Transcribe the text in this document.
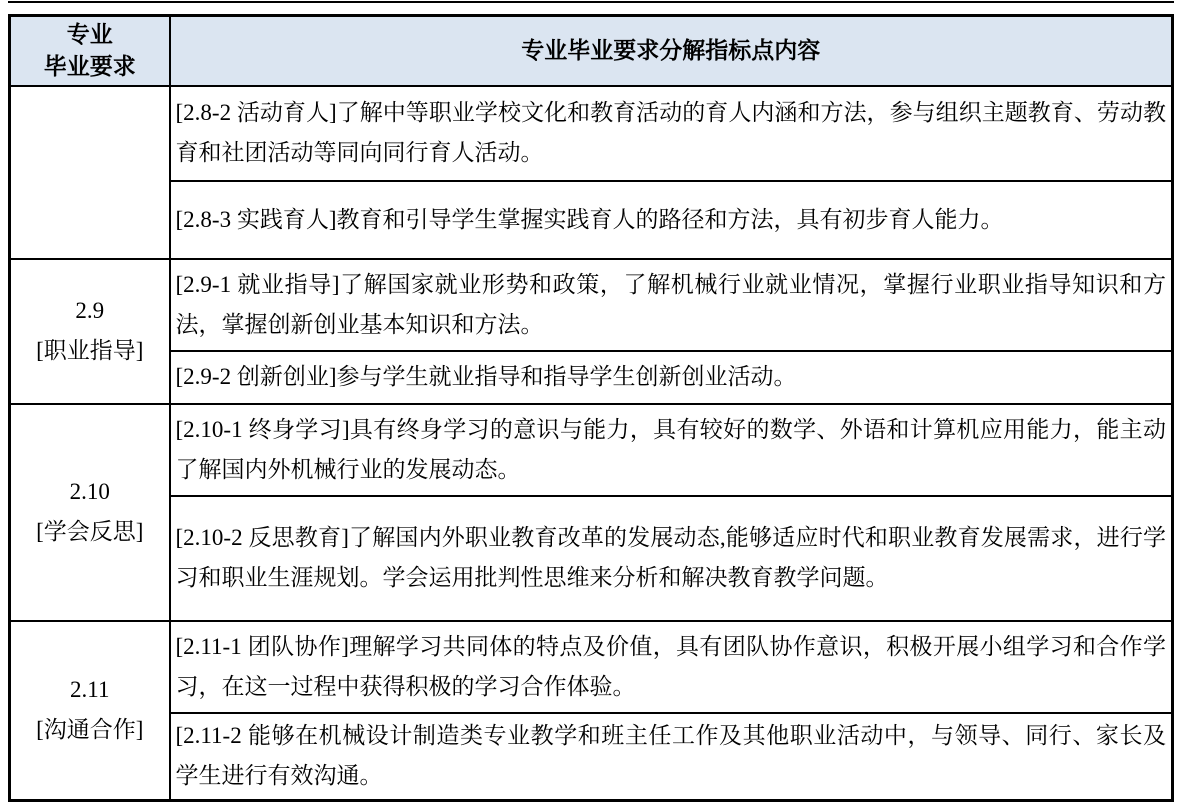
专业
毕业要求	专业毕业要求分解指标点内容
	[2.8-2 活动育人]了解中等职业学校文化和教育活动的育人内涵和方法，参与组织主题教育、劳动教育和社团活动等同向同行育人活动。
	[2.8-3 实践育人]教育和引导学生掌握实践育人的路径和方法，具有初步育人能力。

2.9
[职业指导]	[2.9-1 就业指导]了解国家就业形势和政策，了解机械行业就业情况，掌握行业职业指导知识和方法，掌握创新创业基本知识和方法。
	[2.9-2 创新创业]参与学生就业指导和指导学生创新创业活动。

2.10
[学会反思]	[2.10-1 终身学习]具有终身学习的意识与能力，具有较好的数学、外语和计算机应用能力，能主动了解国内外机械行业的发展动态。
	[2.10-2 反思教育]了解国内外职业教育改革的发展动态,能够适应时代和职业教育发展需求，进行学习和职业生涯规划。学会运用批判性思维来分析和解决教育教学问题。

2.11
[沟通合作]	[2.11-1 团队协作]理解学习共同体的特点及价值，具有团队协作意识，积极开展小组学习和合作学习，在这一过程中获得积极的学习合作体验。
	[2.11-2 能够在机械设计制造类专业教学和班主任工作及其他职业活动中，与领导、同行、家长及学生进行有效沟通。
